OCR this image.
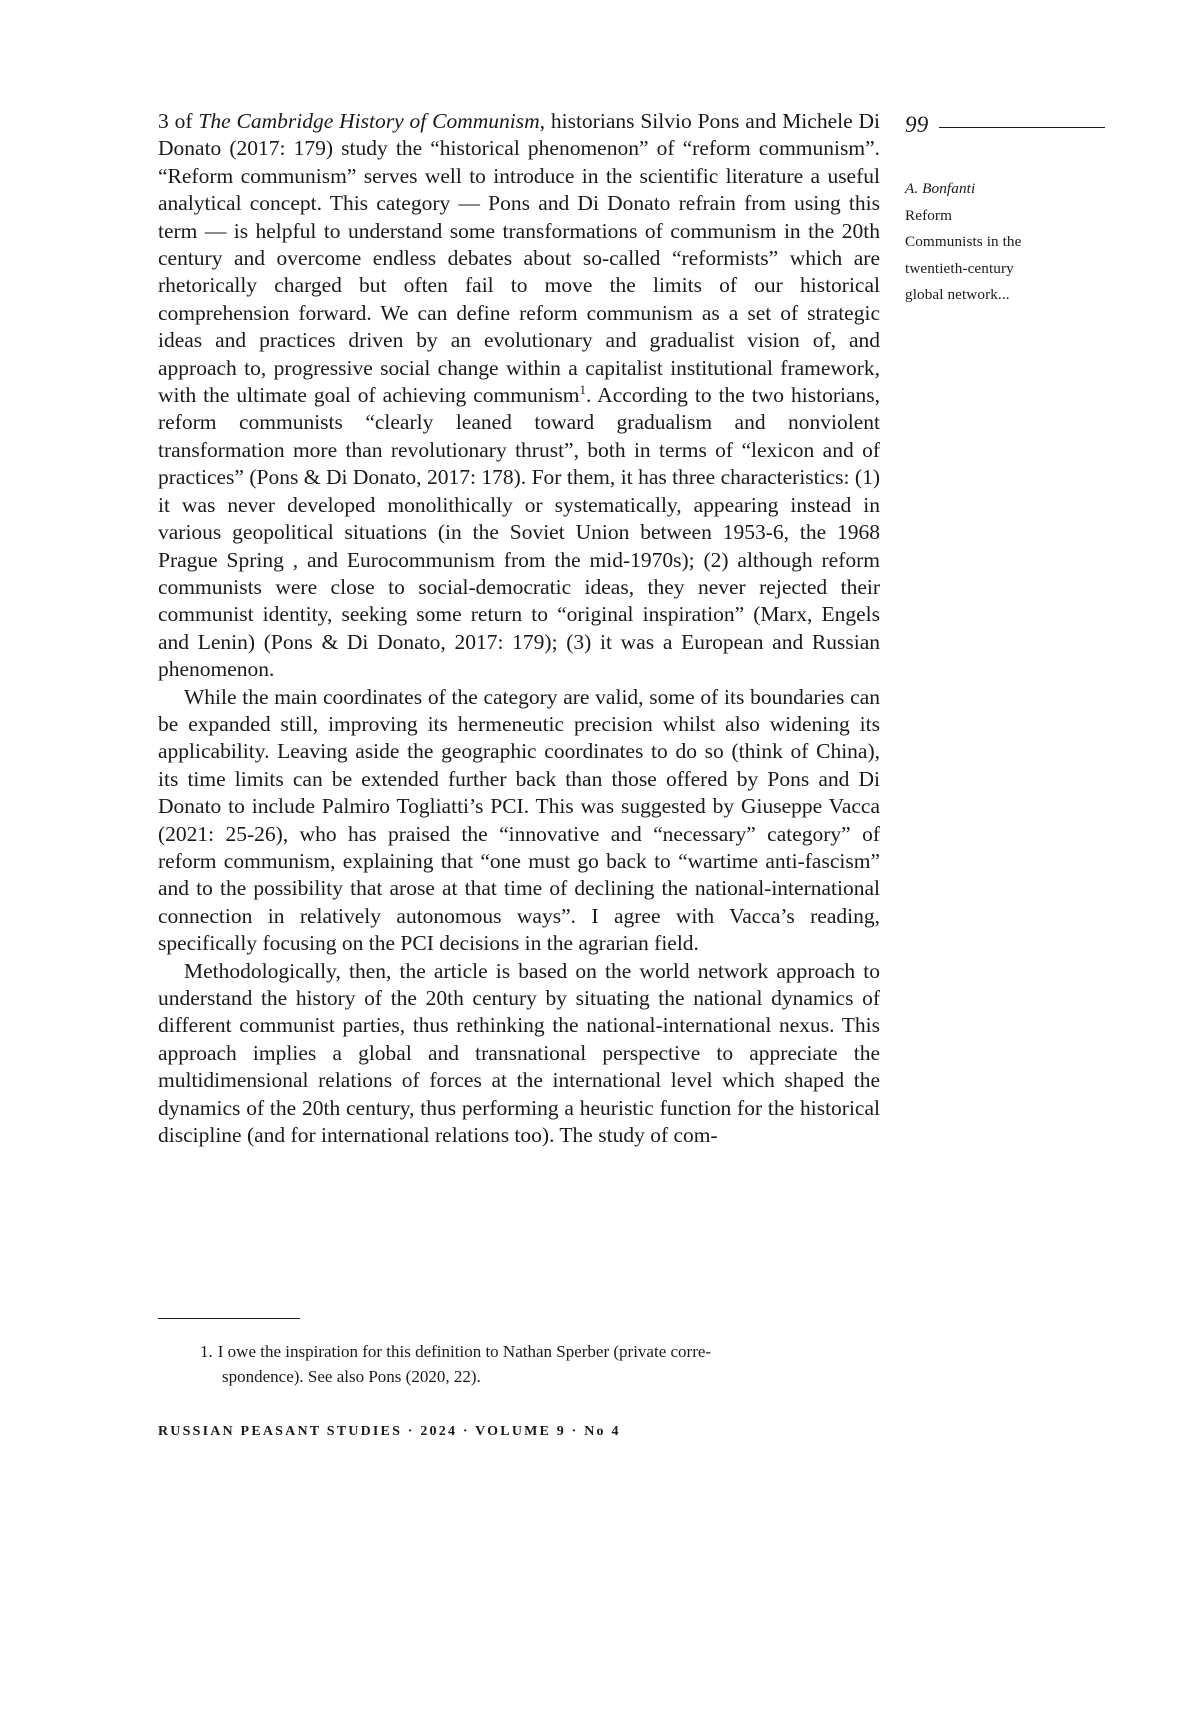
3 of The Cambridge History of Communism, historians Silvio Pons and Michele Di Donato (2017: 179) study the “historical phenomenon” of “reform communism”. “Reform communism” serves well to introduce in the scientific literature a useful analytical concept. This category — Pons and Di Donato refrain from using this term — is helpful to understand some transformations of communism in the 20th century and overcome endless debates about so-called “reformists” which are rhetorically charged but often fail to move the limits of our historical comprehension forward. We can define reform communism as a set of strategic ideas and practices driven by an evolutionary and gradualist vision of, and approach to, progressive social change within a capitalist institutional framework, with the ultimate goal of achieving communism$^1$. According to the two historians, reform communists “clearly leaned toward gradualism and nonviolent transformation more than revolutionary thrust”, both in terms of “lexicon and of practices” (Pons & Di Donato, 2017: 178). For them, it has three characteristics: (1) it was never developed monolithically or systematically, appearing instead in various geopolitical situations (in the Soviet Union between 1953-6, the 1968 Prague Spring , and Eurocommunism from the mid-1970s); (2) although reform communists were close to social-democratic ideas, they never rejected their communist identity, seeking some return to “original inspiration” (Marx, Engels and Lenin) (Pons & Di Donato, 2017: 179); (3) it was a European and Russian phenomenon.

While the main coordinates of the category are valid, some of its boundaries can be expanded still, improving its hermeneutic precision whilst also widening its applicability. Leaving aside the geographic coordinates to do so (think of China), its time limits can be extended further back than those offered by Pons and Di Donato to include Palmiro Togliatti’s PCI. This was suggested by Giuseppe Vacca (2021: 25-26), who has praised the “innovative and “necessary” category” of reform communism, explaining that “one must go back to “wartime anti-fascism” and to the possibility that arose at that time of declining the national-international connection in relatively autonomous ways”. I agree with Vacca’s reading, specifically focusing on the PCI decisions in the agrarian field.

Methodologically, then, the article is based on the world network approach to understand the history of the 20th century by situating the national dynamics of different communist parties, thus rethinking the national-international nexus. This approach implies a global and transnational perspective to appreciate the multidimensional relations of forces at the international level which shaped the dynamics of the 20th century, thus performing a heuristic function for the historical discipline (and for international relations too). The study of com-

99
A. Bonfanti
Reform
Communists in the
twentieth-century
global network...
1. I owe the inspiration for this definition to Nathan Sperber (private corre-
spondence). See also Pons (2020, 22).
RUSSIAN PEASANT STUDIES · 2024 · VOLUME 9 · No 4
